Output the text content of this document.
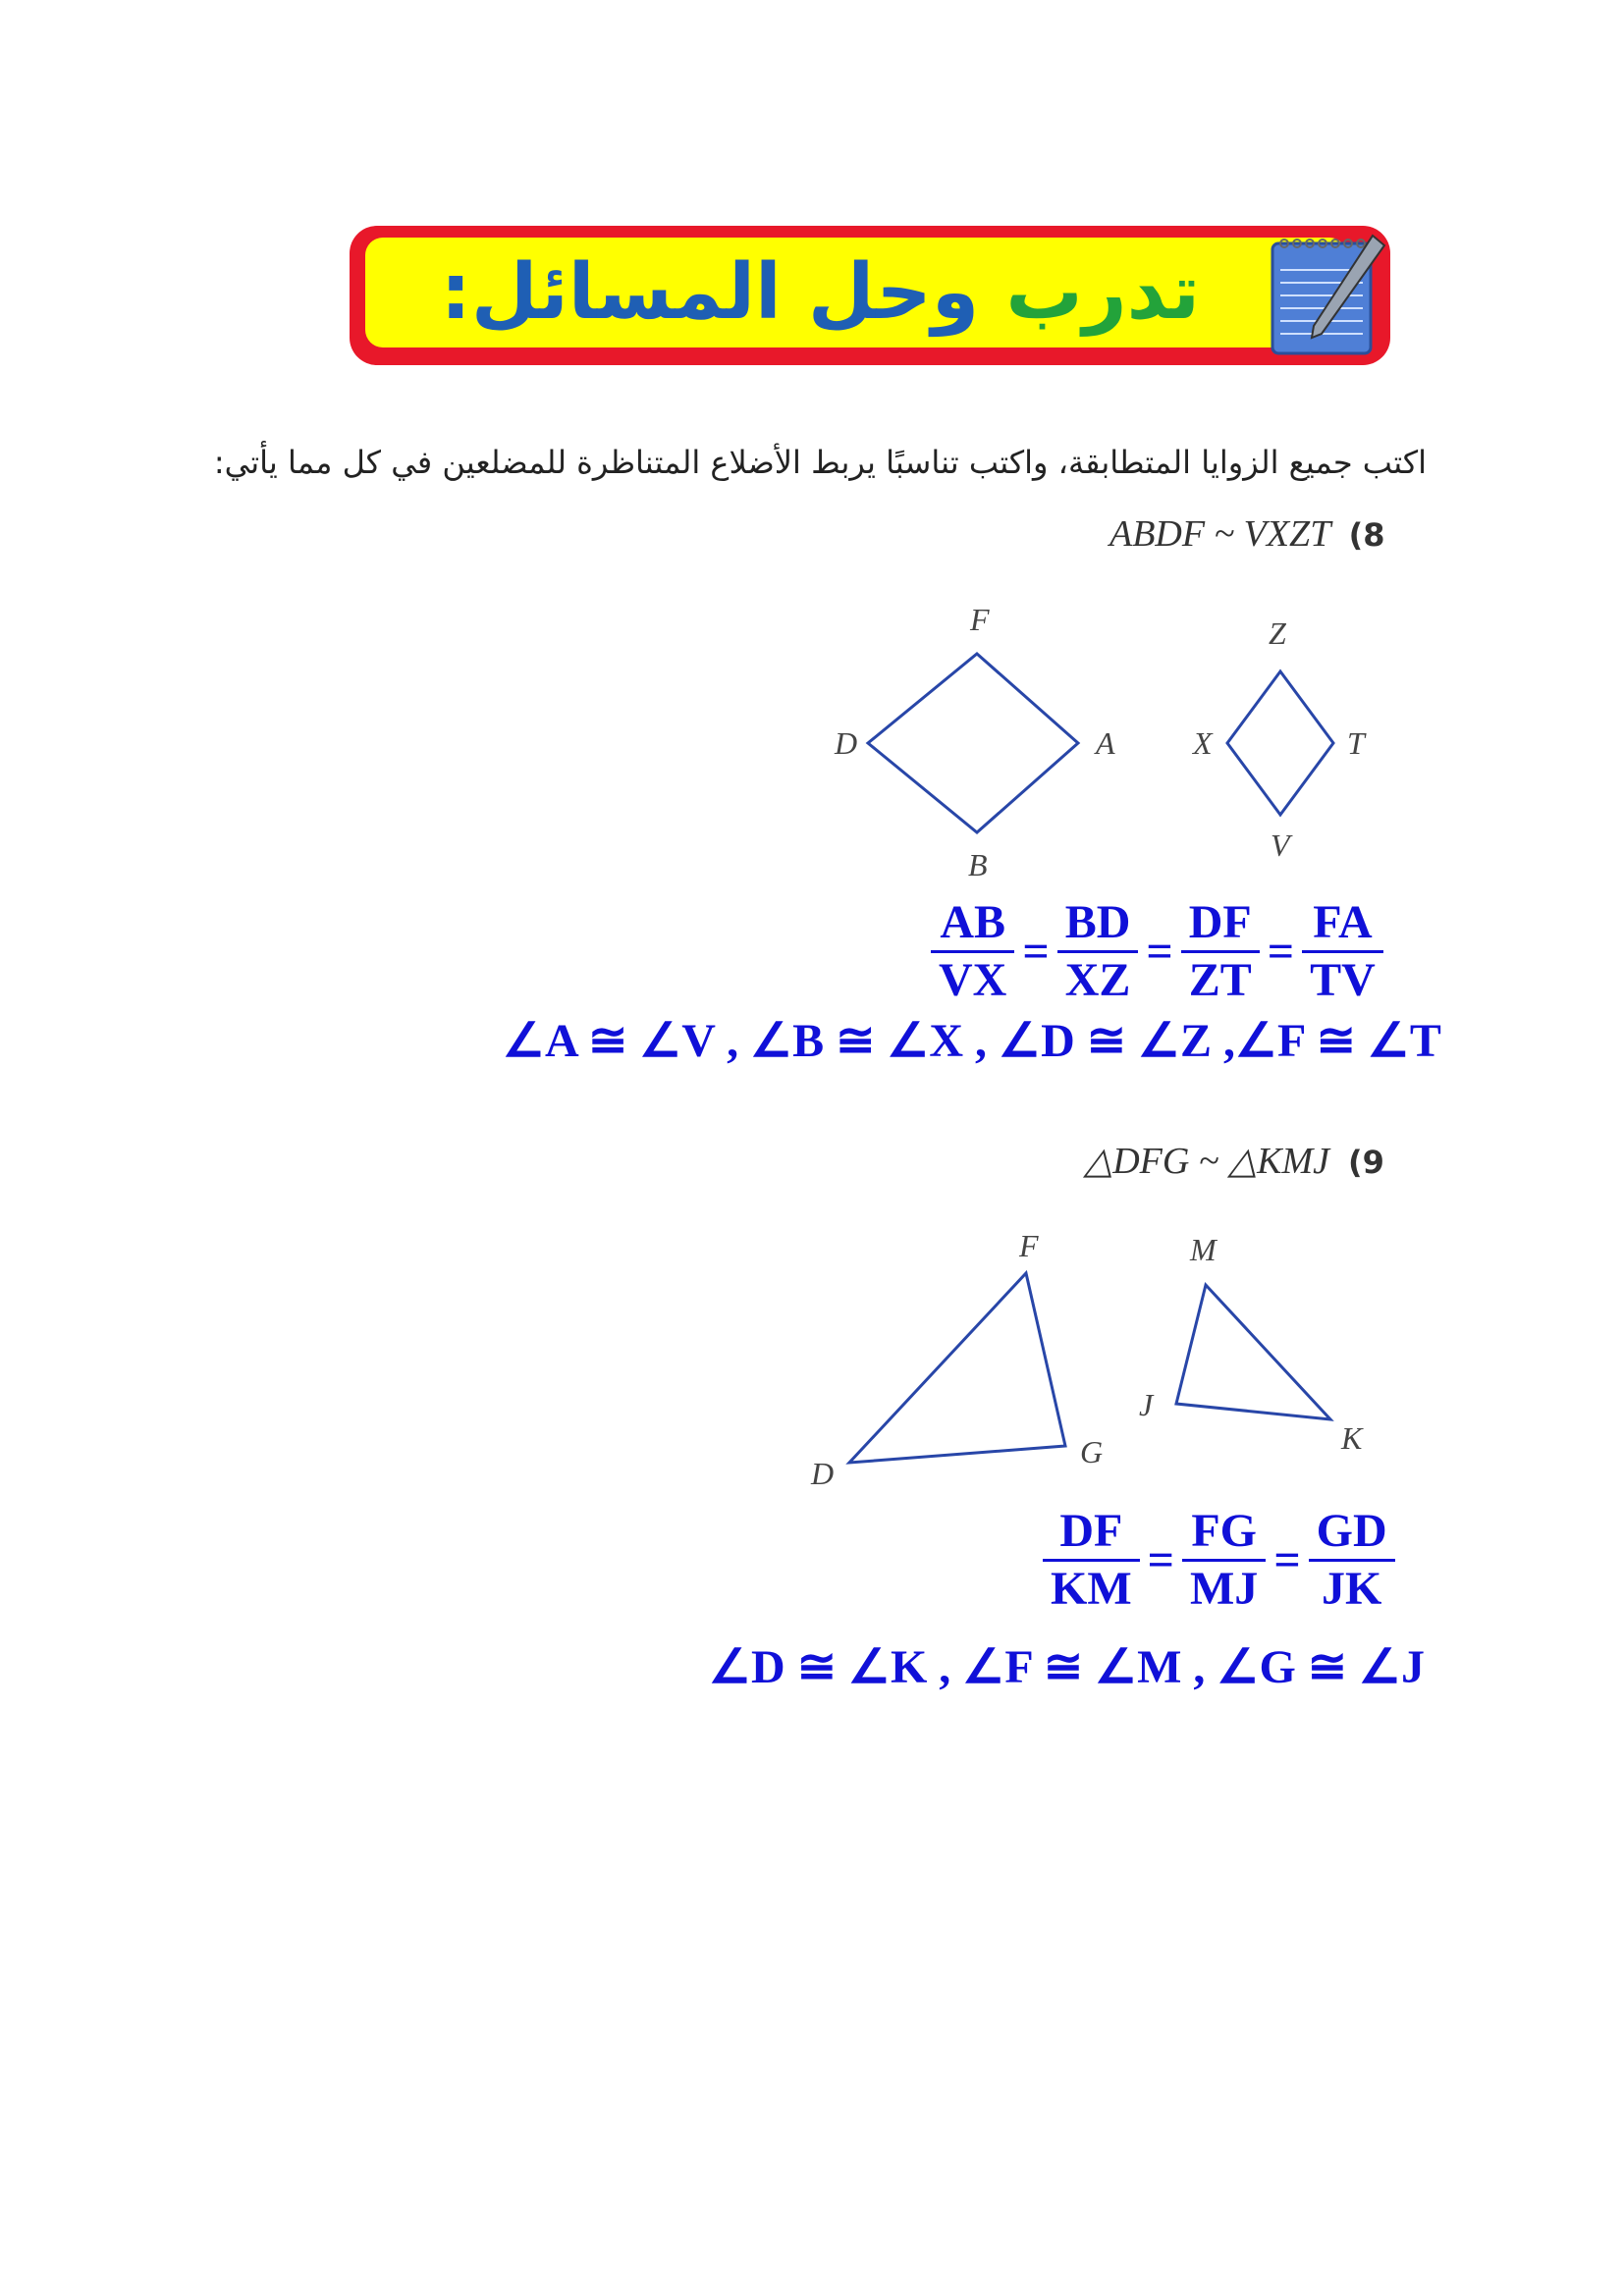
تدرب وحل المسائل:
اكتب جميع الزوايا المتطابقة، واكتب تناسبًا يربط الأضلاع المتناظرة للمضلعين في كل مما يأتي:
ABDF ~ VXZT (8
F
D	A
B
Z
X	T
V
$\frac{AB}{VX} = \frac{BD}{XZ} = \frac{DF}{ZT} = \frac{FA}{TV}$
∠A ≅ ∠V , ∠B ≅ ∠X , ∠D ≅ ∠Z ,∠F ≅ ∠T
△DFG ~ △KMJ (9
F
D
G
M
J
K
$\frac{DF}{KM} = \frac{FG}{MJ} = \frac{GD}{JK}$
∠D ≅ ∠K , ∠F ≅ ∠M , ∠G ≅ ∠J
